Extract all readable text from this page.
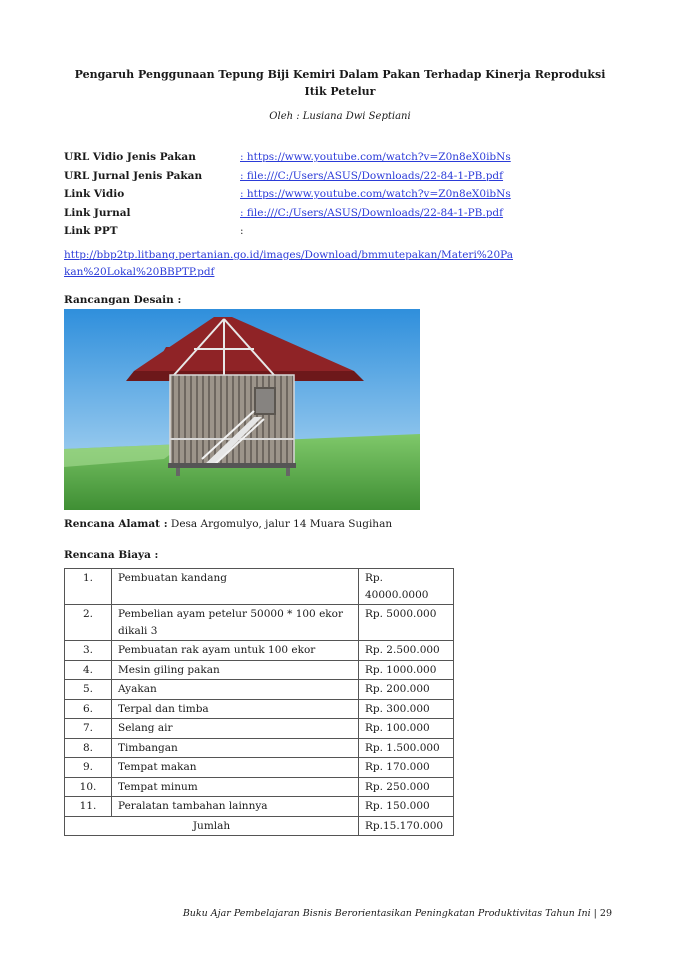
Pengaruh Penggunaan Tepung Biji Kemiri Dalam Pakan Terhadap Kinerja Reproduksi
Itik Petelur
Oleh : Lusiana Dwi Septiani
URL Vidio Jenis Pakan	: https://www.youtube.com/watch?v=Z0n8eX0ibNs
URL Jurnal Jenis Pakan	: file:///C:/Users/ASUS/Downloads/22-84-1-PB.pdf
Link Vidio	: https://www.youtube.com/watch?v=Z0n8eX0ibNs
Link Jurnal	: file:///C:/Users/ASUS/Downloads/22-84-1-PB.pdf
Link PPT	:
http://bbp2tp.litbang.pertanian.go.id/images/Download/bmmutepakan/Materi%20Pakan%20Lokal%20BBPTP.pdf
Rancangan Desain :
Rencana Alamat : Desa Argomulyo, jalur 14 Muara Sugihan
Rencana Biaya :
1.	Pembuatan kandang	Rp. 40000.0000
2.	Pembelian ayam petelur 50000 * 100 ekor dikali 3	Rp. 5000.000
3.	Pembuatan rak ayam untuk 100 ekor	Rp. 2.500.000
4.	Mesin giling pakan	Rp. 1000.000
5.	Ayakan	Rp. 200.000
6.	Terpal dan timba	Rp. 300.000
7.	Selang air	Rp. 100.000
8.	Timbangan	Rp. 1.500.000
9.	Tempat makan	Rp. 170.000
10.	Tempat minum	Rp. 250.000
11.	Peralatan tambahan lainnya	Rp. 150.000
Jumlah		Rp.15.170.000
Buku Ajar Pembelajaran Bisnis Berorientasikan Peningkatan Produktivitas Tahun Ini | 29
